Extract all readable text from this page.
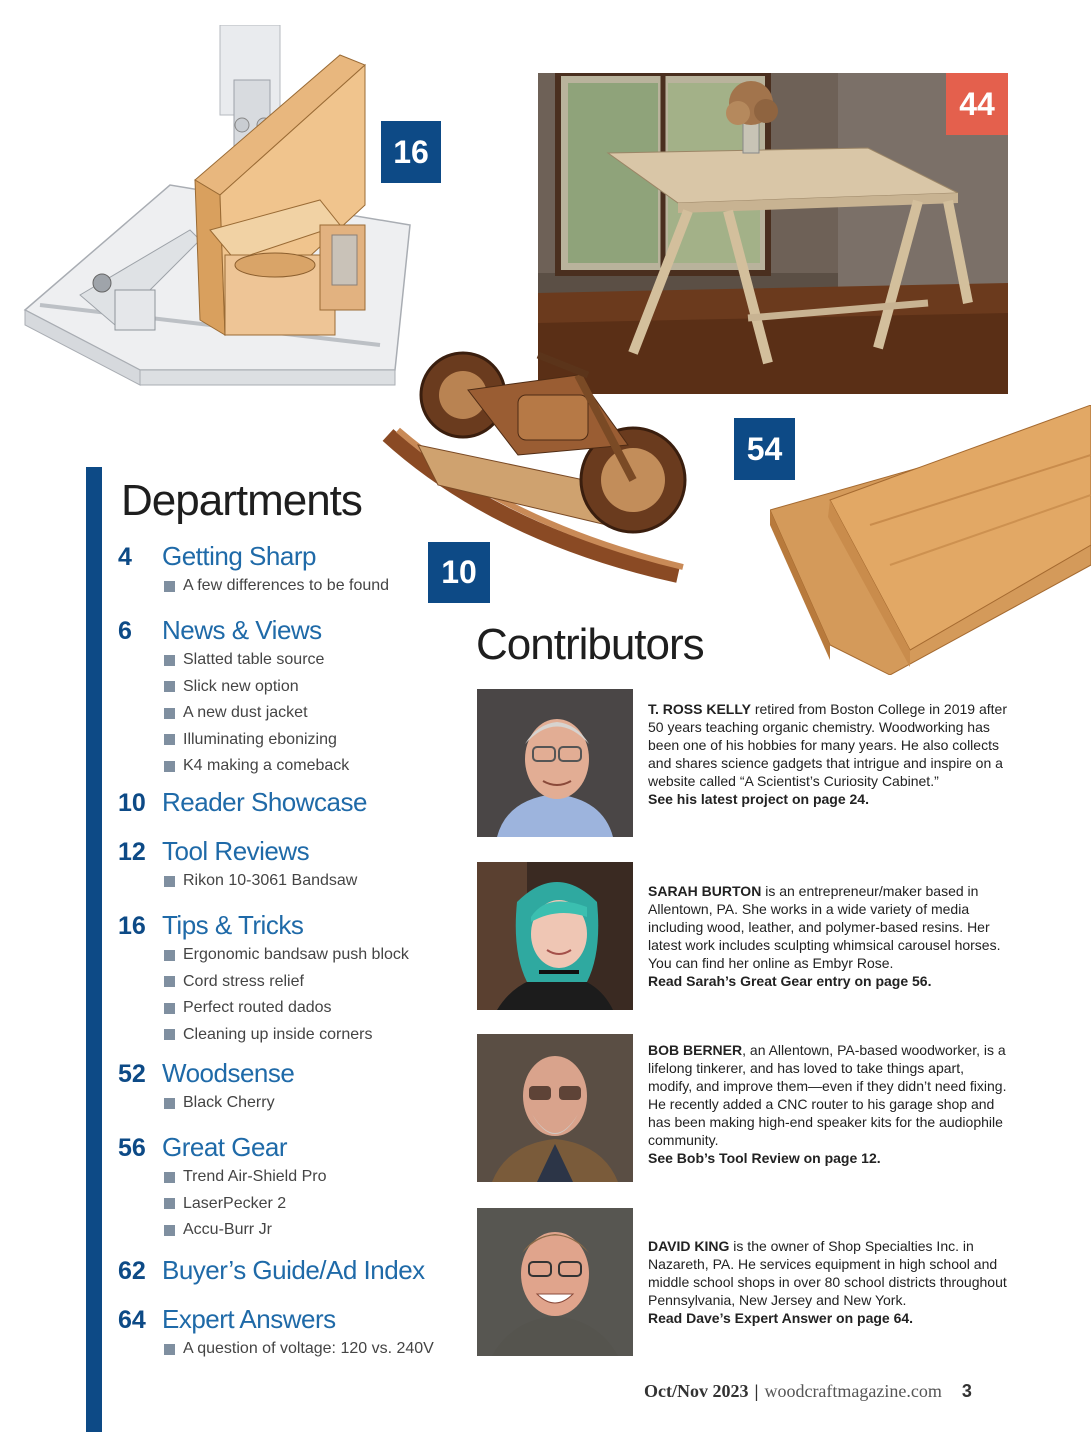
16
44
54
10
Departments
4	Getting Sharp
A few differences to be found
6	News & Views
Slatted table source
Slick new option
A new dust jacket
Illuminating ebonizing
K4 making a comeback
10 Reader Showcase
12 Tool Reviews
Rikon 10-3061 Bandsaw
16 Tips & Tricks
Ergonomic bandsaw push block
Cord stress relief
Perfect routed dados
Cleaning up inside corners
52 Woodsense
Black Cherry
56 Great Gear
Trend Air-Shield Pro
LaserPecker 2
Accu-Burr Jr
62 Buyer’s Guide/Ad Index
64 Expert Answers
A question of voltage: 120 vs. 240V
Contributors
T. ROSS KELLY retired from Boston College in 2019 after 50 years teaching organic chemistry. Woodworking has been one of his hobbies for many years. He also collects and shares science gadgets that intrigue and inspire on a website called “A Scientist’s Curiosity Cabinet.”
See his latest project on page 24.
SARAH BURTON is an entrepreneur/maker based in Allentown, PA. She works in a wide variety of media including wood, leather, and polymer-based resins. Her latest work includes sculpting whimsical carousel horses. You can find her online as Embyr Rose.
Read Sarah’s Great Gear entry on page 56.
BOB BERNER, an Allentown, PA-based woodworker, is a lifelong tinkerer, and has loved to take things apart, modify, and improve them—even if they didn’t need fixing. He recently added a CNC router to his garage shop and has been making high-end speaker kits for the audiophile community.
See Bob’s Tool Review on page 12.
DAVID KING is the owner of Shop Specialties Inc. in Nazareth, PA. He services equipment in high school and middle school shops in over 80 school districts throughout Pennsylvania, New Jersey and New York.
Read Dave’s Expert Answer on page 64.
Oct/Nov 2023 | woodcraftmagazine.com 3
